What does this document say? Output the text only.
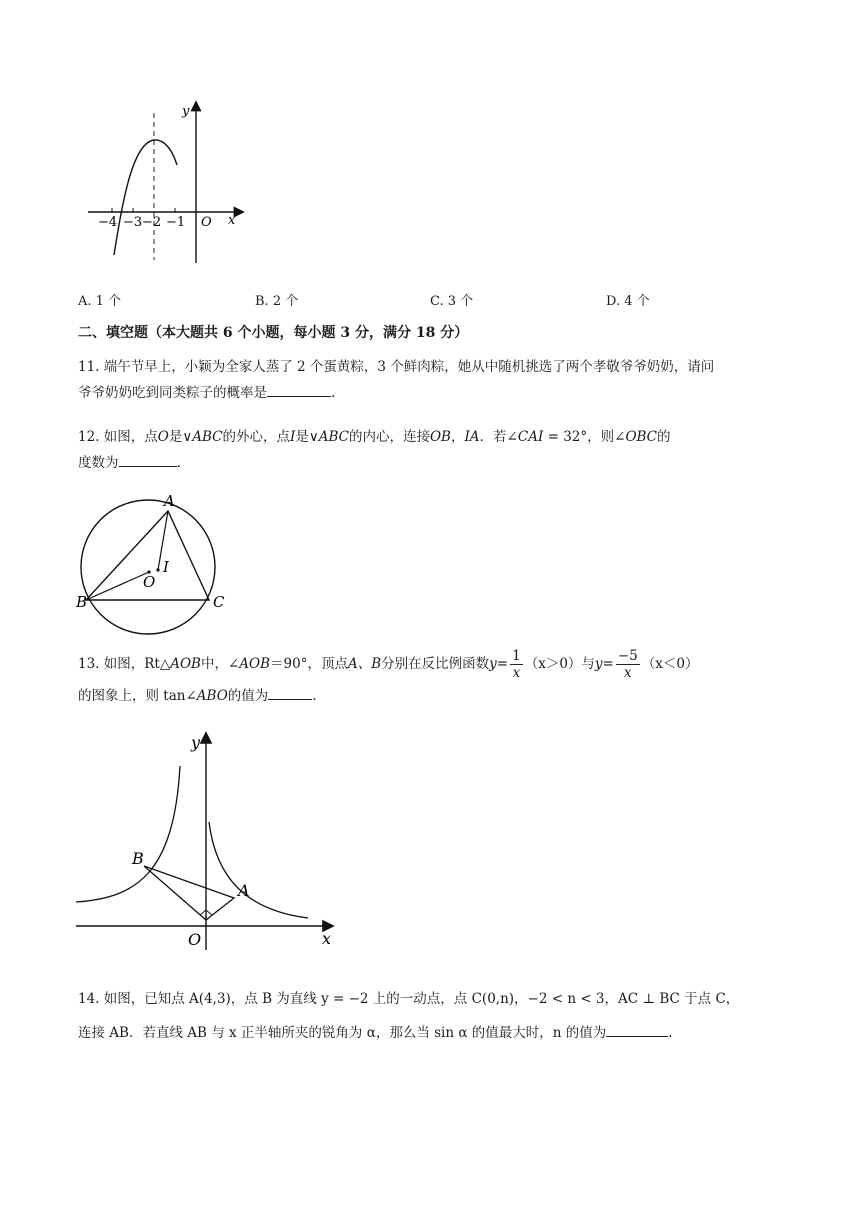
−4 −3 −2 −1 O x
y
A. 1 个	B. 2 个	C. 3 个	D. 4 个
二、填空题（本大题共 6 个小题，每小题 3 分，满分 18 分）
11. 端午节早上，小颖为全家人蒸了 2 个蛋黄粽，3 个鲜肉粽，她从中随机挑选了两个孝敬爷爷奶奶，请问
爷爷奶奶吃到同类粽子的概率是	.
12. 如图，点O是∨ABC的外心，点I是∨ABC的内心，连接OB，IA．若∠CAI = 32°，则∠OBC的
度数为	.
A
B	C
O
I
13. 如图，Rt△AOB中，∠AOB＝90°，顶点A、B分别在反比例函数$y= \frac{1}{x} (x>0)$与$y= \frac{-5}{x} (x<0)$
的图象上，则 tan∠ABO的值为	.
B
A
O	x
y
14. 如图，已知点 A(4,3)，点 B 为直线 y = −2 上的一动点，点 C(0,n)，−2 < n < 3，AC ⊥ BC 于点 C，
连接 AB．若直线 AB 与 x 正半轴所夹的锐角为 α，那么当 sin α 的值最大时，n 的值为	.
